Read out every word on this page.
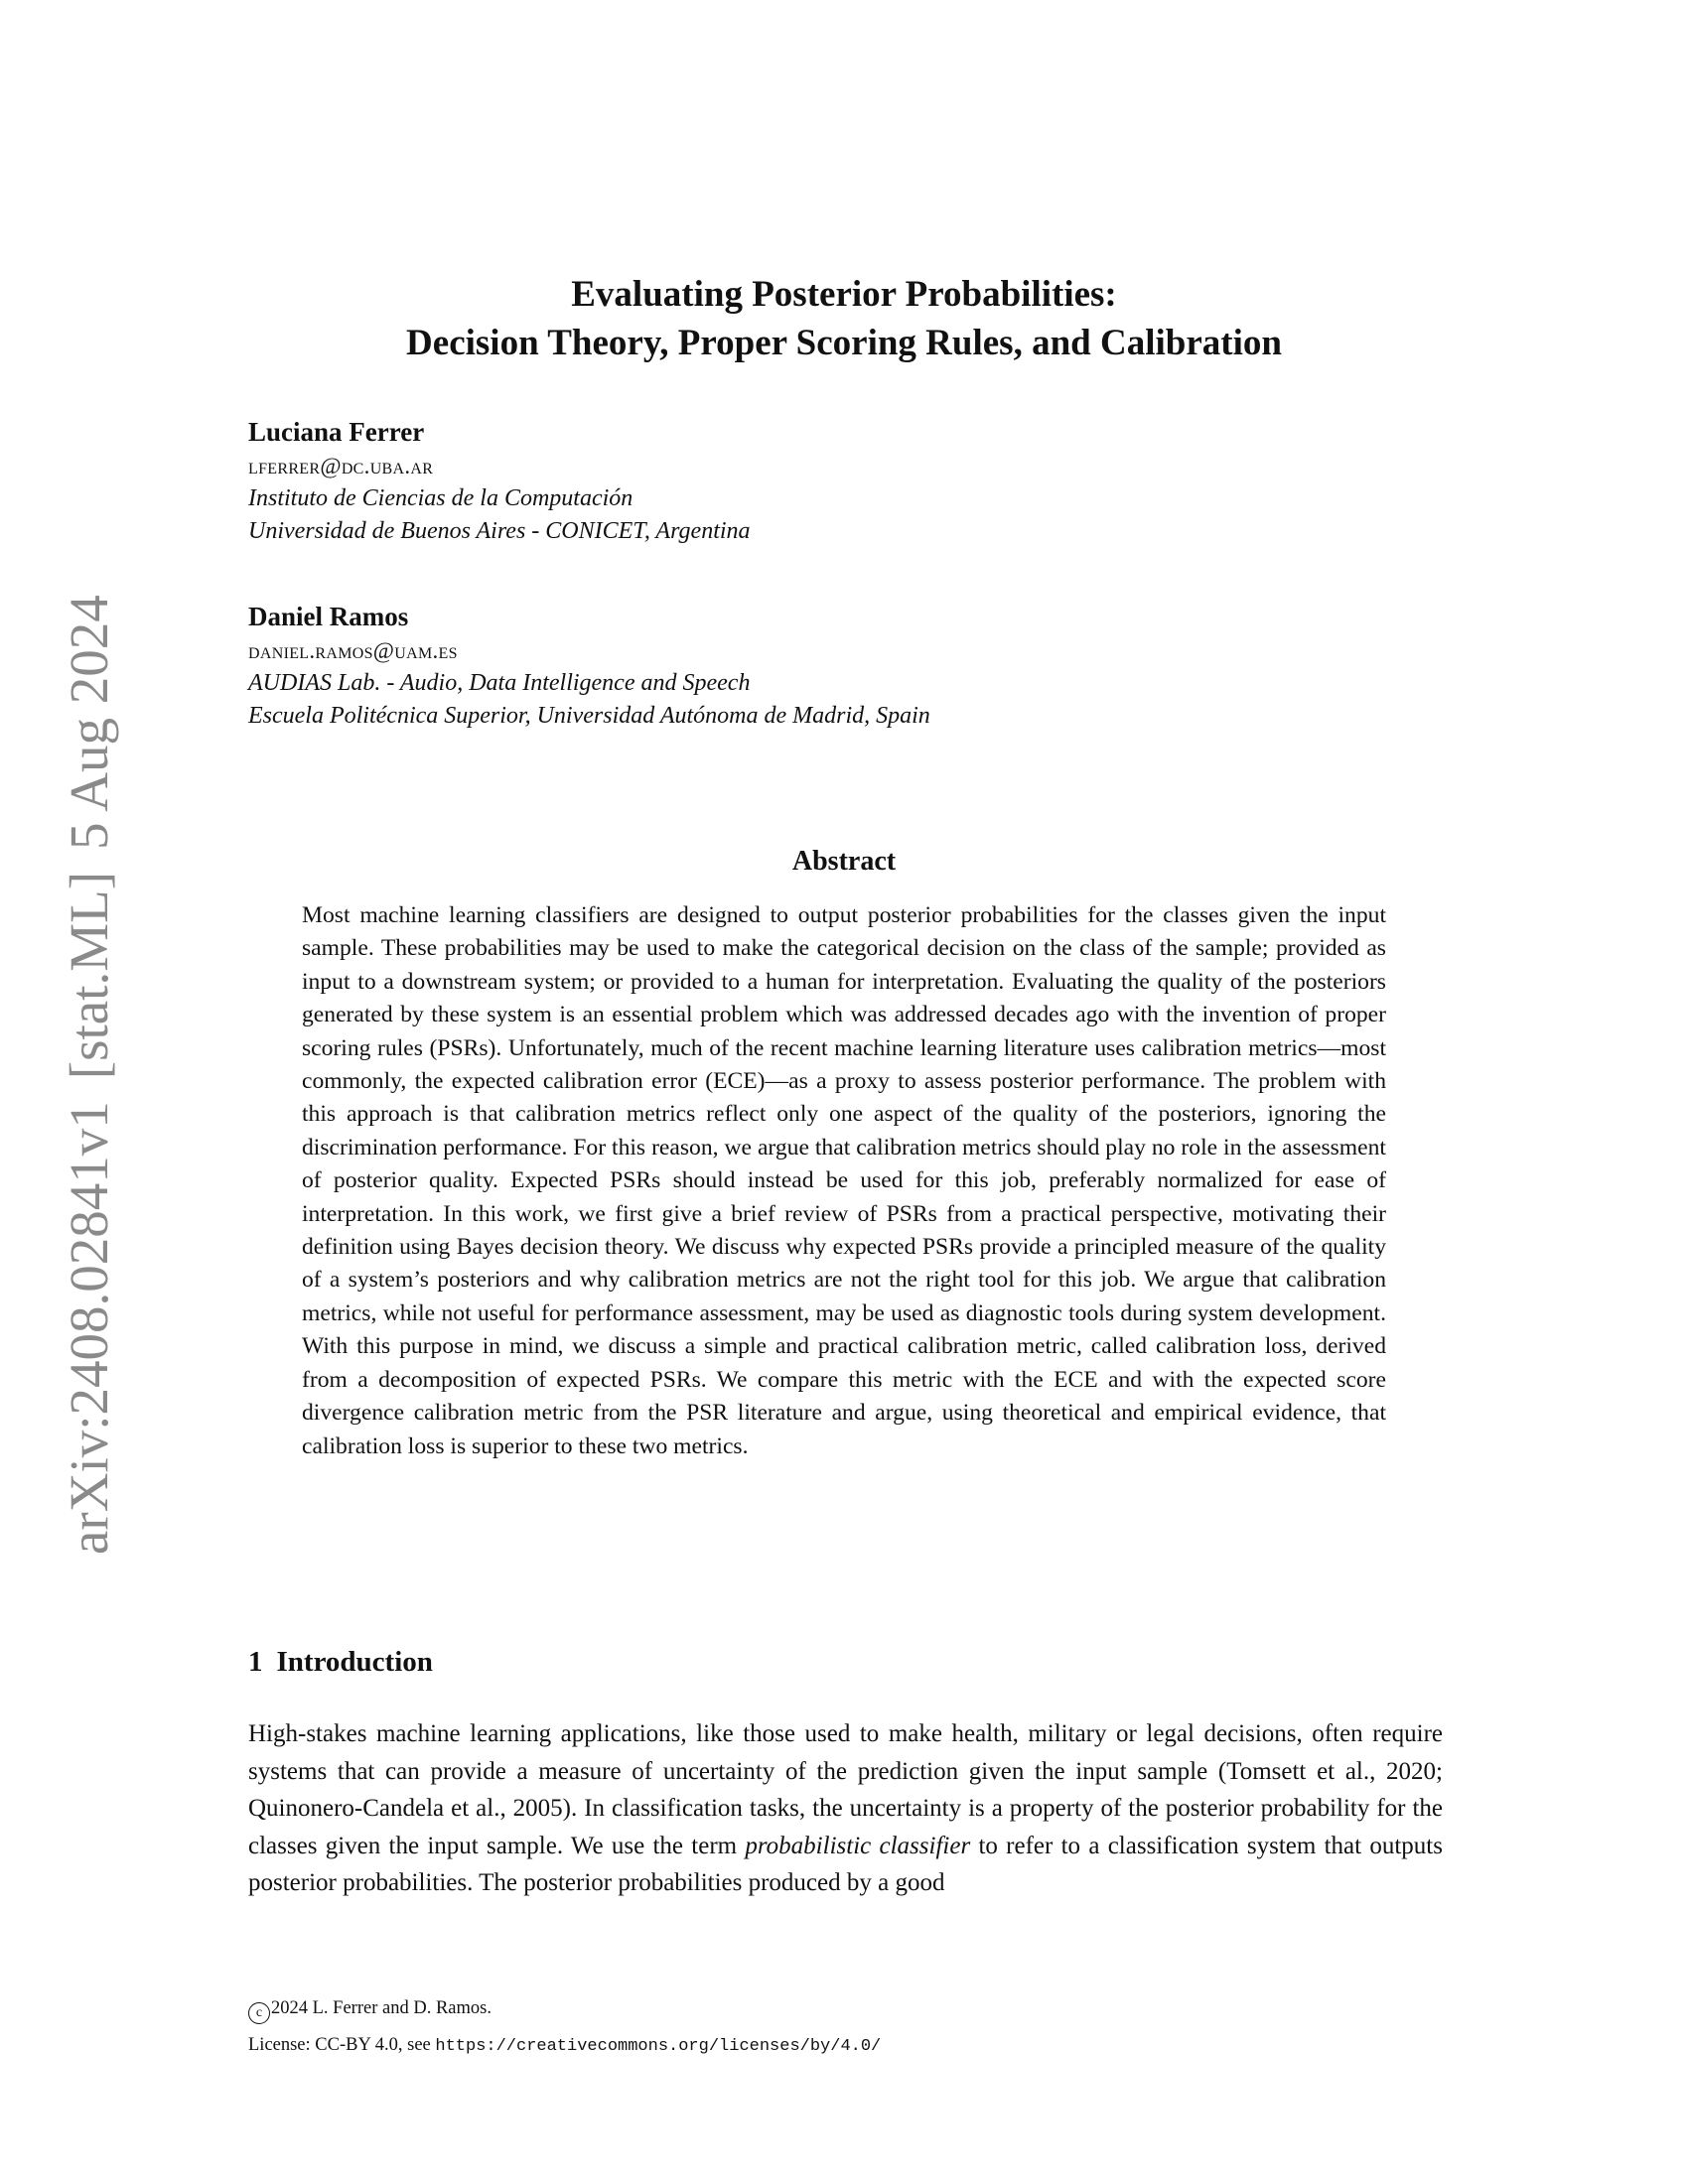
arXiv:2408.02841v1[stat.ML]5 Aug 2024
Evaluating Posterior Probabilities:
Decision Theory, Proper Scoring Rules, and Calibration
Luciana Ferrer
lferrer@dc.uba.ar
Instituto de Ciencias de la Computación
Universidad de Buenos Aires - CONICET, Argentina
Daniel Ramos
daniel.ramos@uam.es
AUDIAS Lab. - Audio, Data Intelligence and Speech
Escuela Politécnica Superior, Universidad Autónoma de Madrid, Spain
Abstract
Most machine learning classifiers are designed to output posterior probabilities for the classes given the input sample. These probabilities may be used to make the categorical decision on the class of the sample; provided as input to a downstream system; or provided to a human for interpretation. Evaluating the quality of the posteriors generated by these system is an essential problem which was addressed decades ago with the invention of proper scoring rules (PSRs). Unfortunately, much of the recent machine learning literature uses calibration metrics—most commonly, the expected calibration error (ECE)—as a proxy to assess posterior performance. The problem with this approach is that calibration metrics reflect only one aspect of the quality of the posteriors, ignoring the discrimination performance. For this reason, we argue that calibration metrics should play no role in the assessment of posterior quality. Expected PSRs should instead be used for this job, preferably normalized for ease of interpretation. In this work, we first give a brief review of PSRs from a practical perspective, motivating their definition using Bayes decision theory. We discuss why expected PSRs provide a principled measure of the quality of a system’s posteriors and why calibration metrics are not the right tool for this job. We argue that calibration metrics, while not useful for performance assessment, may be used as diagnostic tools during system development. With this purpose in mind, we discuss a simple and practical calibration metric, called calibration loss, derived from a decomposition of expected PSRs. We compare this metric with the ECE and with the expected score divergence calibration metric from the PSR literature and argue, using theoretical and empirical evidence, that calibration loss is superior to these two metrics.
1 Introduction
High-stakes machine learning applications, like those used to make health, military or legal decisions, often require systems that can provide a measure of uncertainty of the prediction given the input sample (Tomsett et al., 2020; Quinonero-Candela et al., 2005). In classification tasks, the uncertainty is a property of the posterior probability for the classes given the input sample. We use the term probabilistic classifier to refer to a classification system that outputs posterior probabilities. The posterior probabilities produced by a good
c 2024 L. Ferrer and D. Ramos.
License: CC-BY 4.0, see https://creativecommons.org/licenses/by/4.0/
